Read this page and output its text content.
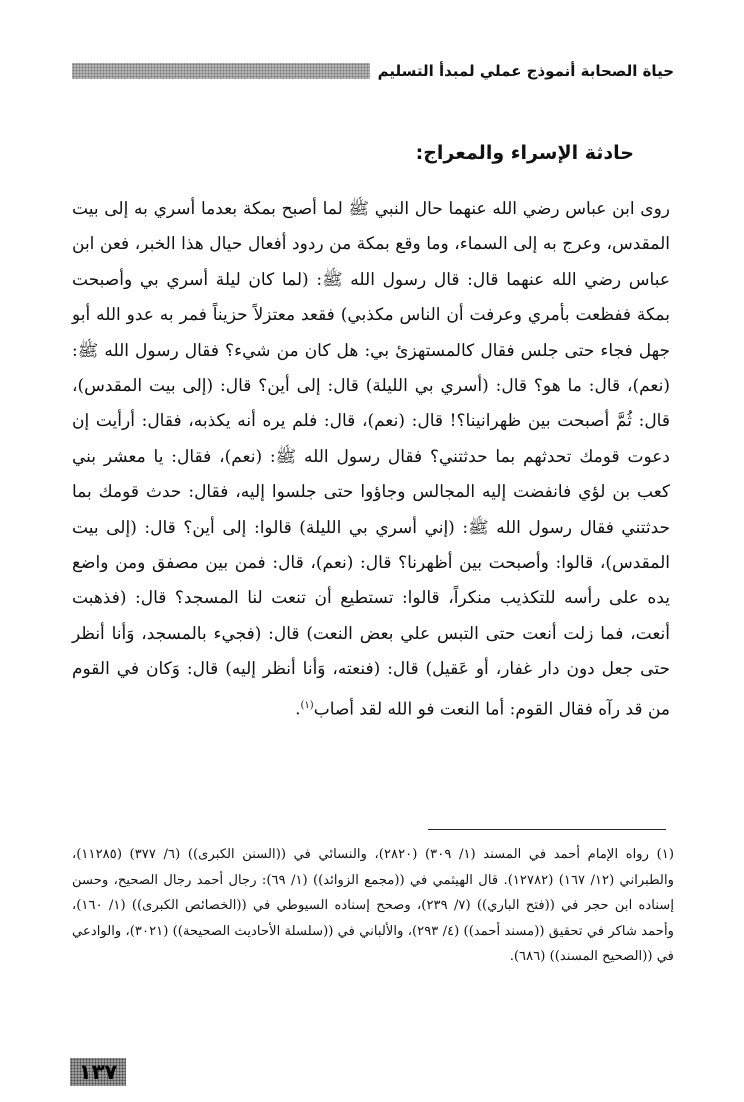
حياة الصحابة أنموذج عملي لمبدأ التسليم
حادثة الإسراء والمعراج:

روى ابن عباس رضي الله عنهما حال النبي ﷺ لما أصبح بمكة بعدما أسري به إلى بيت المقدس، وعرج به إلى السماء، وما وقع بمكة من ردود أفعال حيال هذا الخبر، فعن ابن عباس رضي الله عنهما قال: قال رسول الله ﷺ: (لما كان ليلة أسري بي وأصبحت بمكة ففظعت بأمري وعرفت أن الناس مكذبي) فقعد معتزلاً حزيناً فمر به عدو الله أبو جهل فجاء حتى جلس فقال كالمستهزئ بي: هل كان من شيء؟ فقال رسول الله ﷺ: (نعم)، قال: ما هو؟ قال: (أسري بي الليلة) قال: إلى أين؟ قال: (إلى بيت المقدس)، قال: ثُمَّ أصبحت بين ظهرانينا؟! قال: (نعم)، قال: فلم يره أنه يكذبه، فقال: أرأيت إن دعوت قومك تحدثهم بما حدثتني؟ فقال رسول الله ﷺ: (نعم)، فقال: يا معشر بني كعب بن لؤي فانفضت إليه المجالس وجاؤوا حتى جلسوا إليه، فقال: حدث قومك بما حدثتني فقال رسول الله ﷺ: (إني أسري بي الليلة) قالوا: إلى أين؟ قال: (إلى بيت المقدس)، قالوا: وأصبحت بين أظهرنا؟ قال: (نعم)، قال: فمن بين مصفق ومن واضع يده على رأسه للتكذيب منكراً، قالوا: تستطيع أن تنعت لنا المسجد؟ قال: (فذهبت أنعت، فما زلت أنعت حتى التبس علي بعض النعت) قال: (فجيء بالمسجد، وَأنا أنظر حتى جعل دون دار غفار، أو عَقيل) قال: (فنعته، وَأنا أنظر إليه) قال: وَكان في القوم من قد رآه فقال القوم: أما النعت فو الله لقد أصاب$^{(١)}$.

(١) رواه الإمام أحمد في المسند (١/ ٣٠٩) (٢٨٢٠)، والنسائي في ((السنن الكبرى)) (٦/ ٣٧٧) (١١٢٨٥)، والطبراني (١٢/ ١٦٧) (١٢٧٨٢). قال الهيثمي في ((مجمع الزوائد)) (١/ ٦٩): رجال أحمد رجال الصحيح، وحسن إسناده ابن حجر في ((فتح الباري)) (٧/ ٢٣٩)، وصحح إسناده السيوطي في ((الخصائص الكبرى)) (١/ ١٦٠)، وأحمد شاكر في تحقيق ((مسند أحمد)) (٤/ ٢٩٣)، والألباني في ((سلسلة الأحاديث الصحيحة)) (٣٠٢١)، والوادعي في ((الصحيح المسند)) (٦٨٦).

١٣٧
